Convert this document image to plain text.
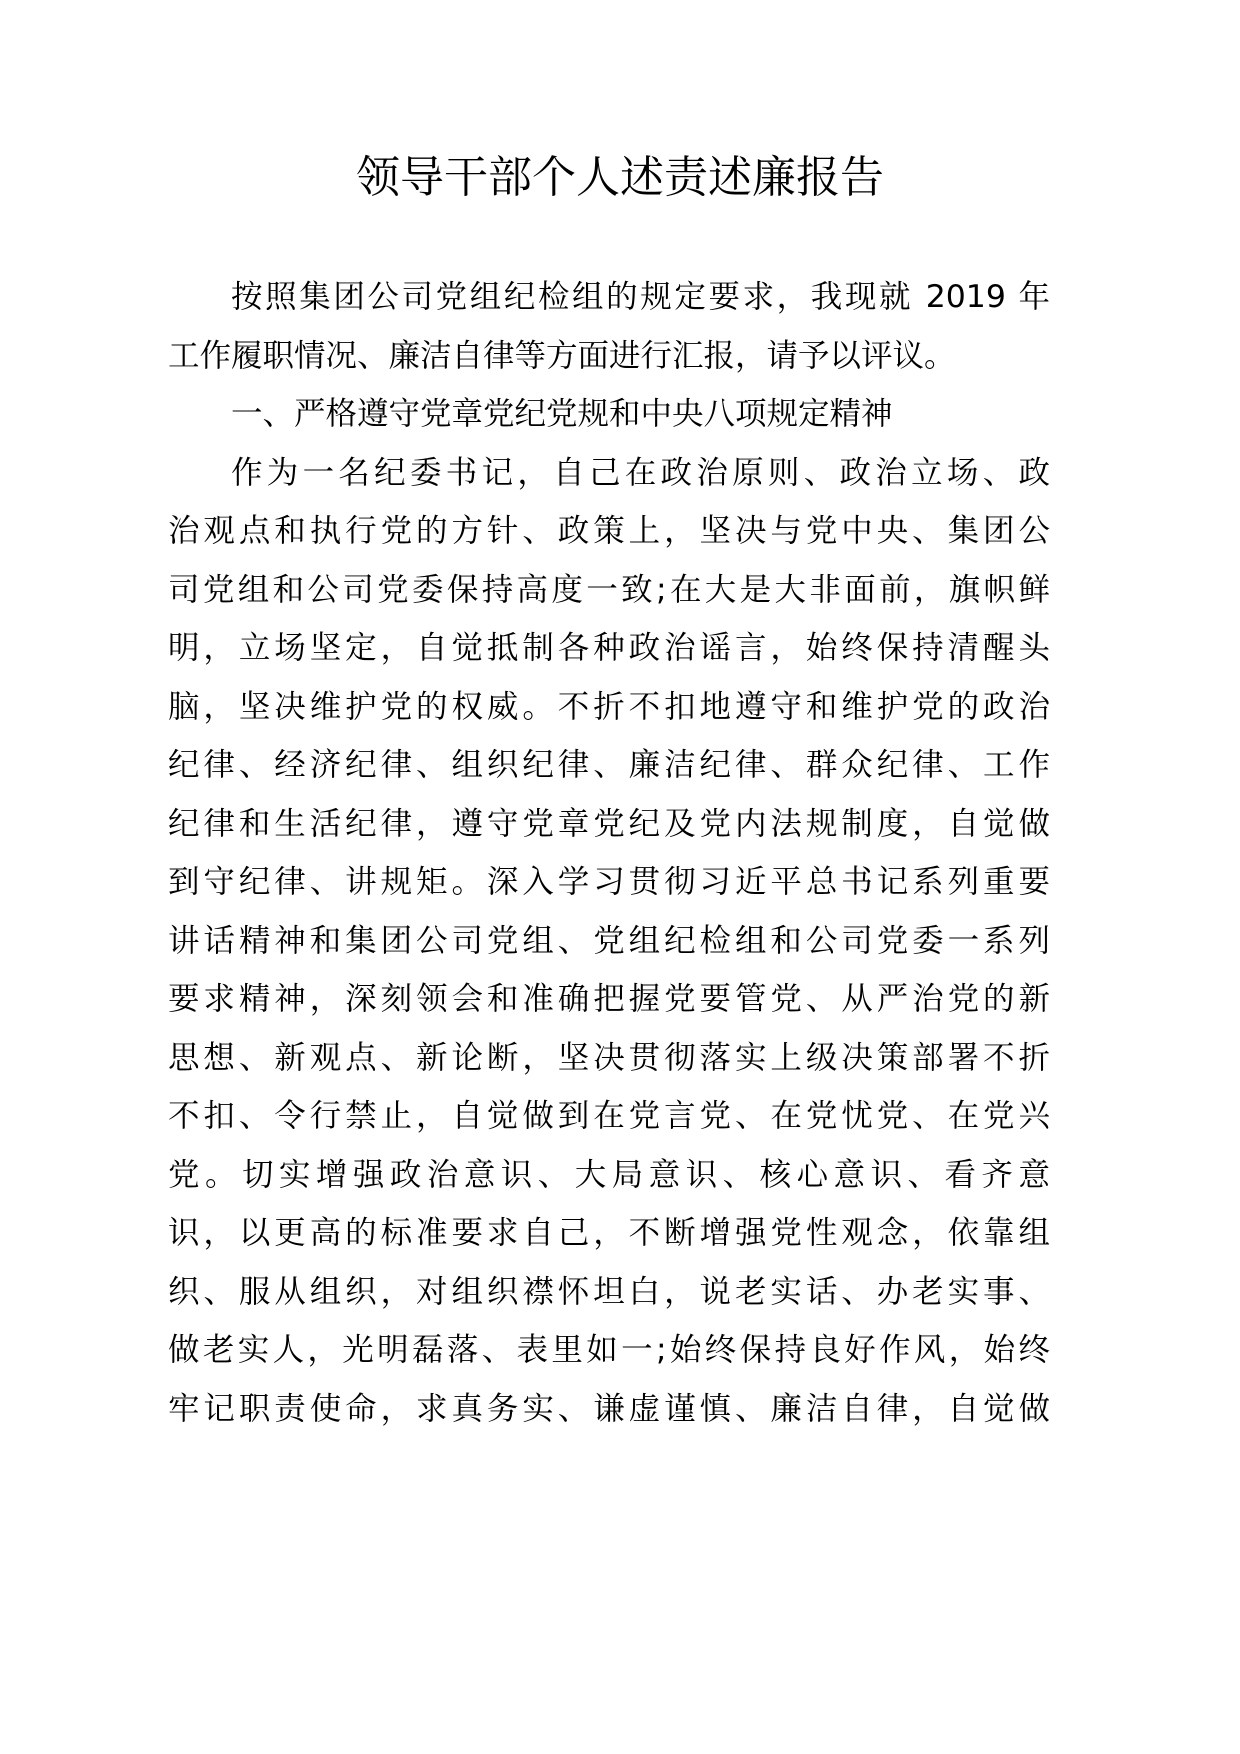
领导干部个人述责述廉报告
按照集团公司党组纪检组的规定要求，我现就 2019 年
工作履职情况、廉洁自律等方面进行汇报，请予以评议。
一、严格遵守党章党纪党规和中央八项规定精神
作为一名纪委书记，自己在政治原则、政治立场、政
治观点和执行党的方针、政策上，坚决与党中央、集团公
司党组和公司党委保持高度一致;在大是大非面前，旗帜鲜
明，立场坚定，自觉抵制各种政治谣言，始终保持清醒头
脑，坚决维护党的权威。不折不扣地遵守和维护党的政治
纪律、经济纪律、组织纪律、廉洁纪律、群众纪律、工作
纪律和生活纪律，遵守党章党纪及党内法规制度，自觉做
到守纪律、讲规矩。深入学习贯彻习近平总书记系列重要
讲话精神和集团公司党组、党组纪检组和公司党委一系列
要求精神，深刻领会和准确把握党要管党、从严治党的新
思想、新观点、新论断，坚决贯彻落实上级决策部署不折
不扣、令行禁止，自觉做到在党言党、在党忧党、在党兴
党。切实增强政治意识、大局意识、核心意识、看齐意
识，以更高的标准要求自己，不断增强党性观念，依靠组
织、服从组织，对组织襟怀坦白，说老实话、办老实事、
做老实人，光明磊落、表里如一;始终保持良好作风，始终
牢记职责使命，求真务实、谦虚谨慎、廉洁自律，自觉做
